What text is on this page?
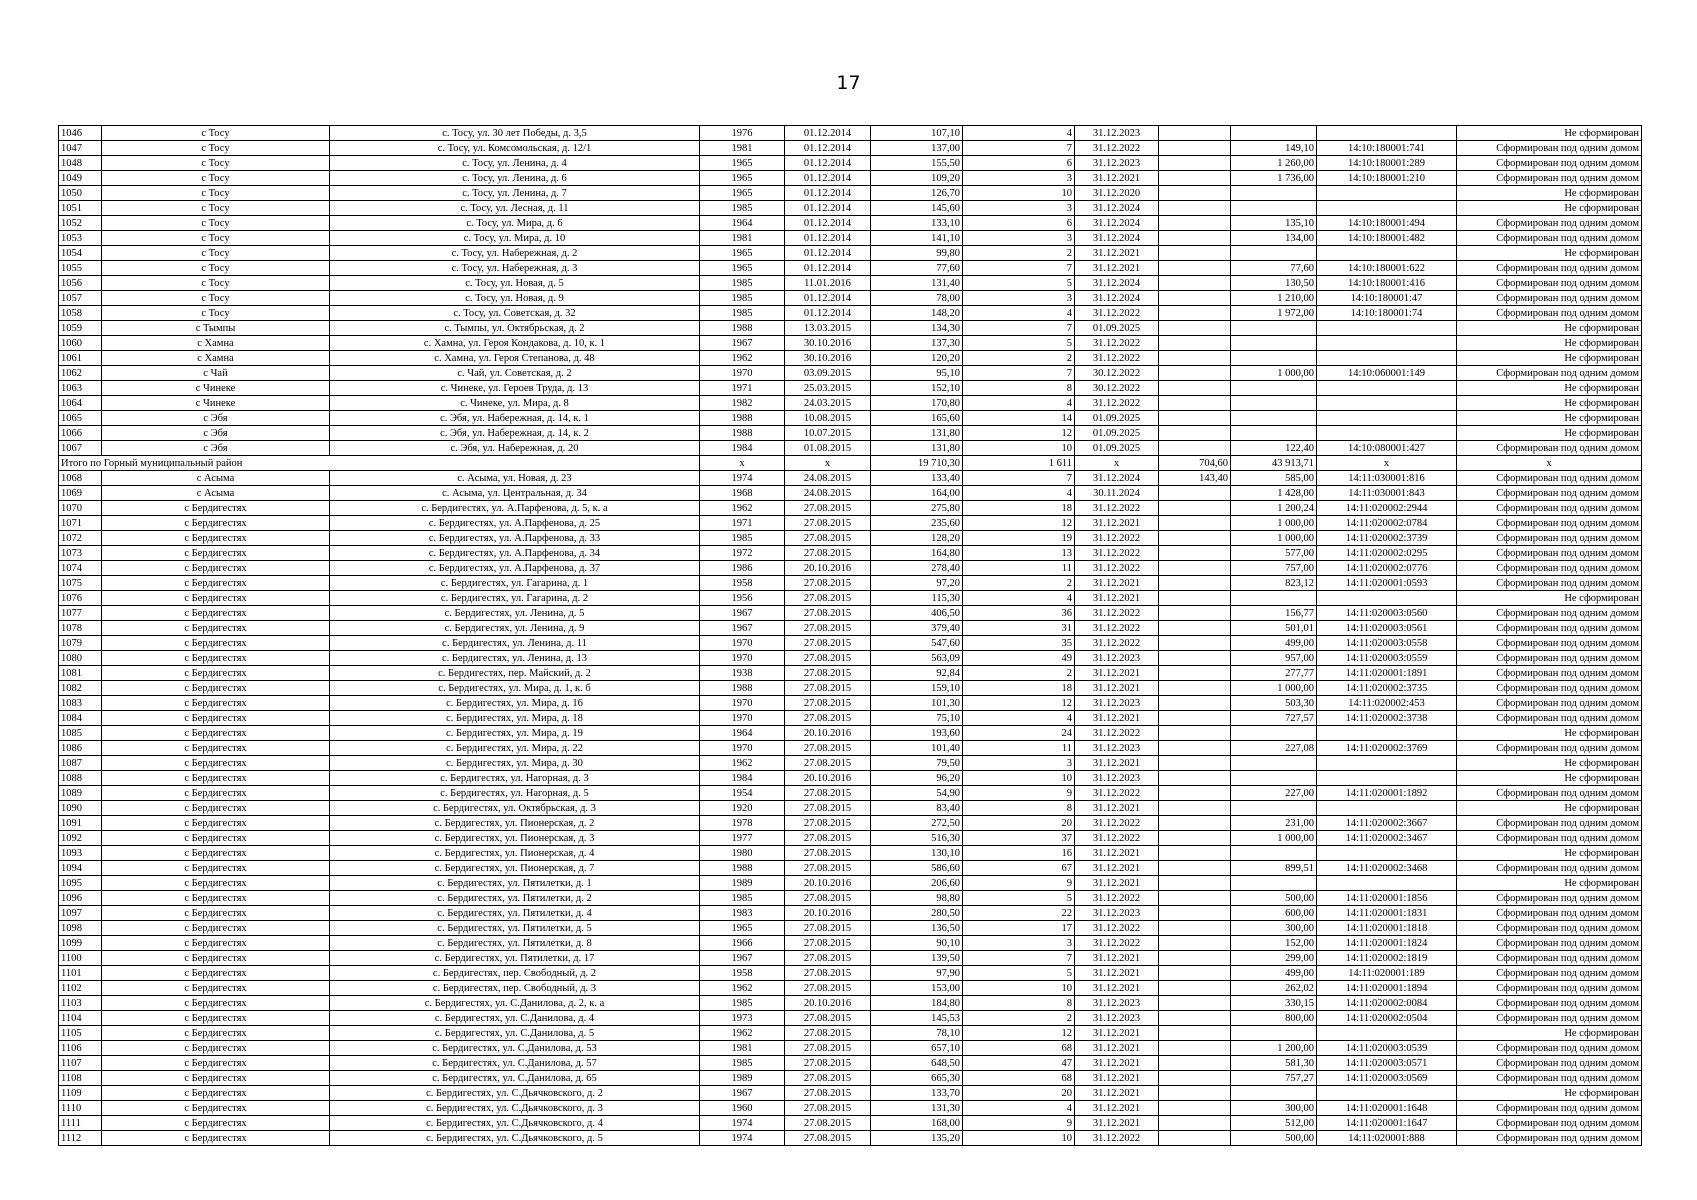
17
1046	с Тосу	с. Тосу, ул. 30 лет Победы, д. 3,5	1976	01.12.2014	107,10	4	31.12.2023				Не сформирован
1047	с Тосу	с. Тосу, ул. Комсомольская, д. 12/1	1981	01.12.2014	137,00	7	31.12.2022		149,10	14:10:180001:741	Сформирован под одним домом
1048	с Тосу	с. Тосу, ул. Ленина, д. 4	1965	01.12.2014	155,50	6	31.12.2023		1 260,00	14:10:180001:289	Сформирован под одним домом
1049	с Тосу	с. Тосу, ул. Ленина, д. 6	1965	01.12.2014	109,20	3	31.12.2021		1 736,00	14:10:180001:210	Сформирован под одним домом
1050	с Тосу	с. Тосу, ул. Ленина, д. 7	1965	01.12.2014	126,70	10	31.12.2020				Не сформирован
1051	с Тосу	с. Тосу, ул. Лесная, д. 11	1985	01.12.2014	145,60	3	31.12.2024				Не сформирован
1052	с Тосу	с. Тосу, ул. Мира, д. 6	1964	01.12.2014	133,10	6	31.12.2024		135,10	14:10:180001:494	Сформирован под одним домом
1053	с Тосу	с. Тосу, ул. Мира, д. 10	1981	01.12.2014	141,10	3	31.12.2024		134,00	14:10:180001:482	Сформирован под одним домом
1054	с Тосу	с. Тосу, ул. Набережная, д. 2	1965	01.12.2014	99,80	2	31.12.2021				Не сформирован
1055	с Тосу	с. Тосу, ул. Набережная, д. 3	1965	01.12.2014	77,60	7	31.12.2021		77,60	14:10:180001:622	Сформирован под одним домом
1056	с Тосу	с. Тосу, ул. Новая, д. 5	1985	11.01.2016	131,40	5	31.12.2024		130,50	14:10:180001:416	Сформирован под одним домом
1057	с Тосу	с. Тосу, ул. Новая, д. 9	1985	01.12.2014	78,00	3	31.12.2024		1 210,00	14:10:180001:47	Сформирован под одним домом
1058	с Тосу	с. Тосу, ул. Советская, д. 32	1985	01.12.2014	148,20	4	31.12.2022		1 972,00	14:10:180001:74	Сформирован под одним домом
1059	с Тымпы	с. Тымпы, ул. Октябрьская, д. 2	1988	13.03.2015	134,30	7	01.09.2025				Не сформирован
1060	с Хамна	с. Хамна, ул. Героя Кондакова, д. 10, к. 1	1967	30.10.2016	137,30	5	31.12.2022				Не сформирован
1061	с Хамна	с. Хамна, ул. Героя Степанова, д. 48	1962	30.10.2016	120,20	2	31.12.2022				Не сформирован
1062	с Чай	с. Чай, ул. Советская, д. 2	1970	03.09.2015	95,10	7	30.12.2022		1 000,00	14:10:060001:149	Сформирован под одним домом
1063	с Чинеке	с. Чинеке, ул. Героев Труда, д. 13	1971	25.03.2015	152,10	8	30.12.2022				Не сформирован
1064	с Чинеке	с. Чинеке, ул. Мира, д. 8	1982	24.03.2015	170,80	4	31.12.2022				Не сформирован
1065	с Эбя	с. Эбя, ул. Набережная, д. 14, к. 1	1988	10.08.2015	165,60	14	01.09.2025				Не сформирован
1066	с Эбя	с. Эбя, ул. Набережная, д. 14, к. 2	1988	10.07.2015	131,80	12	01.09.2025				Не сформирован
1067	с Эбя	с. Эбя, ул. Набережная, д. 20	1984	01.08.2015	131,80	10	01.09.2025		122,40	14:10:080001:427	Сформирован под одним домом
Итого по Горный муниципальный район			x	x	19 710,30	1 611	x	704,60	43 913,71	x	x
1068	с Асыма	с. Асыма, ул. Новая, д. 23	1974	24.08.2015	133,40	7	31.12.2024	143,40	585,00	14:11:030001:816	Сформирован под одним домом
1069	с Асыма	с. Асыма, ул. Центральная, д. 34	1968	24.08.2015	164,00	4	30.11.2024		1 428,00	14:11:030001:843	Сформирован под одним домом
1070	с Бердигестях	с. Бердигестях, ул. А.Парфенова, д. 5, к. а	1962	27.08.2015	275,80	18	31.12.2022		1 200,24	14:11:020002:2944	Сформирован под одним домом
1071	с Бердигестях	с. Бердигестях, ул. А.Парфенова, д. 25	1971	27.08.2015	235,60	12	31.12.2021		1 000,00	14:11:020002:0784	Сформирован под одним домом
1072	с Бердигестях	с. Бердигестях, ул. А.Парфенова, д. 33	1985	27.08.2015	128,20	19	31.12.2022		1 000,00	14:11:020002:3739	Сформирован под одним домом
1073	с Бердигестях	с. Бердигестях, ул. А.Парфенова, д. 34	1972	27.08.2015	164,80	13	31.12.2022		577,00	14:11:020002:0295	Сформирован под одним домом
1074	с Бердигестях	с. Бердигестях, ул. А.Парфенова, д. 37	1986	20.10.2016	278,40	11	31.12.2022		757,00	14:11:020002:0776	Сформирован под одним домом
1075	с Бердигестях	с. Бердигестях, ул. Гагарина, д. 1	1958	27.08.2015	97,20	2	31.12.2021		823,12	14:11:020001:0593	Сформирован под одним домом
1076	с Бердигестях	с. Бердигестях, ул. Гагарина, д. 2	1956	27.08.2015	115,30	4	31.12.2021				Не сформирован
1077	с Бердигестях	с. Бердигестях, ул. Ленина, д. 5	1967	27.08.2015	406,50	36	31.12.2022		156,77	14:11:020003:0560	Сформирован под одним домом
1078	с Бердигестях	с. Бердигестях, ул. Ленина, д. 9	1967	27.08.2015	379,40	31	31.12.2022		501,01	14:11:020003:0561	Сформирован под одним домом
1079	с Бердигестях	с. Бердигестях, ул. Ленина, д. 11	1970	27.08.2015	547,60	35	31.12.2022		499,00	14:11:020003:0558	Сформирован под одним домом
1080	с Бердигестях	с. Бердигестях, ул. Ленина, д. 13	1970	27.08.2015	563,09	49	31.12.2023		957,00	14:11:020003:0559	Сформирован под одним домом
1081	с Бердигестях	с. Бердигестях, пер. Майский, д. 2	1938	27.08.2015	92,84	2	31.12.2021		277,77	14:11:020001:1891	Сформирован под одним домом
1082	с Бердигестях	с. Бердигестях, ул. Мира, д. 1, к. б	1988	27.08.2015	159,10	18	31.12.2021		1 000,00	14:11:020002:3735	Сформирован под одним домом
1083	с Бердигестях	с. Бердигестях, ул. Мира, д. 16	1970	27.08.2015	101,30	12	31.12.2023		503,30	14:11:020002:453	Сформирован под одним домом
1084	с Бердигестях	с. Бердигестях, ул. Мира, д. 18	1970	27.08.2015	75,10	4	31.12.2021		727,57	14:11:020002:3738	Сформирован под одним домом
1085	с Бердигестях	с. Бердигестях, ул. Мира, д. 19	1964	20.10.2016	193,60	24	31.12.2022				Не сформирован
1086	с Бердигестях	с. Бердигестях, ул. Мира, д. 22	1970	27.08.2015	101,40	11	31.12.2023		227,08	14:11:020002:3769	Сформирован под одним домом
1087	с Бердигестях	с. Бердигестях, ул. Мира, д. 30	1962	27.08.2015	79,50	3	31.12.2021				Не сформирован
1088	с Бердигестях	с. Бердигестях, ул. Нагорная, д. 3	1984	20.10.2016	96,20	10	31.12.2023				Не сформирован
1089	с Бердигестях	с. Бердигестях, ул. Нагорная, д. 5	1954	27.08.2015	54,90	9	31.12.2022		227,00	14:11:020001:1892	Сформирован под одним домом
1090	с Бердигестях	с. Бердигестях, ул. Октябрьская, д. 3	1920	27.08.2015	83,40	8	31.12.2021				Не сформирован
1091	с Бердигестях	с. Бердигестях, ул. Пионерская, д. 2	1978	27.08.2015	272,50	20	31.12.2022		231,00	14:11:020002:3667	Сформирован под одним домом
1092	с Бердигестях	с. Бердигестях, ул. Пионерская, д. 3	1977	27.08.2015	516,30	37	31.12.2022		1 000,00	14:11:020002:3467	Сформирован под одним домом
1093	с Бердигестях	с. Бердигестях, ул. Пионерская, д. 4	1980	27.08.2015	130,10	16	31.12.2021				Не сформирован
1094	с Бердигестях	с. Бердигестях, ул. Пионерская, д. 7	1988	27.08.2015	586,60	67	31.12.2021		899,51	14:11:020002:3468	Сформирован под одним домом
1095	с Бердигестях	с. Бердигестях, ул. Пятилетки, д. 1	1989	20.10.2016	206,60	9	31.12.2021				Не сформирован
1096	с Бердигестях	с. Бердигестях, ул. Пятилетки, д. 2	1985	27.08.2015	98,80	5	31.12.2022		500,00	14:11:020001:1856	Сформирован под одним домом
1097	с Бердигестях	с. Бердигестях, ул. Пятилетки, д. 4	1983	20.10.2016	280,50	22	31.12.2023		600,00	14:11:020001:1831	Сформирован под одним домом
1098	с Бердигестях	с. Бердигестях, ул. Пятилетки, д. 5	1965	27.08.2015	136,50	17	31.12.2022		300,00	14:11:020001:1818	Сформирован под одним домом
1099	с Бердигестях	с. Бердигестях, ул. Пятилетки, д. 8	1966	27.08.2015	90,10	3	31.12.2022		152,00	14:11:020001:1824	Сформирован под одним домом
1100	с Бердигестях	с. Бердигестях, ул. Пятилетки, д. 17	1967	27.08.2015	139,50	7	31.12.2021		299,00	14:11:020002:1819	Сформирован под одним домом
1101	с Бердигестях	с. Бердигестях, пер. Свободный, д. 2	1958	27.08.2015	97,90	5	31.12.2021		499,00	14:11:020001:189	Сформирован под одним домом
1102	с Бердигестях	с. Бердигестях, пер. Свободный, д. 3	1962	27.08.2015	153,00	10	31.12.2021		262,02	14:11:020001:1894	Сформирован под одним домом
1103	с Бердигестях	с. Бердигестях, ул. С.Данилова, д. 2, к. а	1985	20.10.2016	184,80	8	31.12.2023		330,15	14:11:020002:0084	Сформирован под одним домом
1104	с Бердигестях	с. Бердигестях, ул. С.Данилова, д. 4	1973	27.08.2015	145,53	2	31.12.2023		800,00	14:11:020002:0504	Сформирован под одним домом
1105	с Бердигестях	с. Бердигестях, ул. С.Данилова, д. 5	1962	27.08.2015	78,10	12	31.12.2021				Не сформирован
1106	с Бердигестях	с. Бердигестях, ул. С.Данилова, д. 53	1981	27.08.2015	657,10	68	31.12.2021		1 200,00	14:11:020003:0539	Сформирован под одним домом
1107	с Бердигестях	с. Бердигестях, ул. С.Данилова, д. 57	1985	27.08.2015	648,50	47	31.12.2021		581,30	14:11:020003:0571	Сформирован под одним домом
1108	с Бердигестях	с. Бердигестях, ул. С.Данилова, д. 65	1989	27.08.2015	665,30	68	31.12.2021		757,27	14:11:020003:0569	Сформирован под одним домом
1109	с Бердигестях	с. Бердигестях, ул. С.Дьячковского, д. 2	1967	27.08.2015	133,70	20	31.12.2021				Не сформирован
1110	с Бердигестях	с. Бердигестях, ул. С.Дьячковского, д. 3	1960	27.08.2015	131,30	4	31.12.2021		300,00	14:11:020001:1648	Сформирован под одним домом
1111	с Бердигестях	с. Бердигестях, ул. С.Дьячковского, д. 4	1974	27.08.2015	168,00	9	31.12.2021		512,00	14:11:020001:1647	Сформирован под одним домом
1112	с Бердигестях	с. Бердигестях, ул. С.Дьячковского, д. 5	1974	27.08.2015	135,20	10	31.12.2022		500,00	14:11:020001:888	Сформирован под одним домом
